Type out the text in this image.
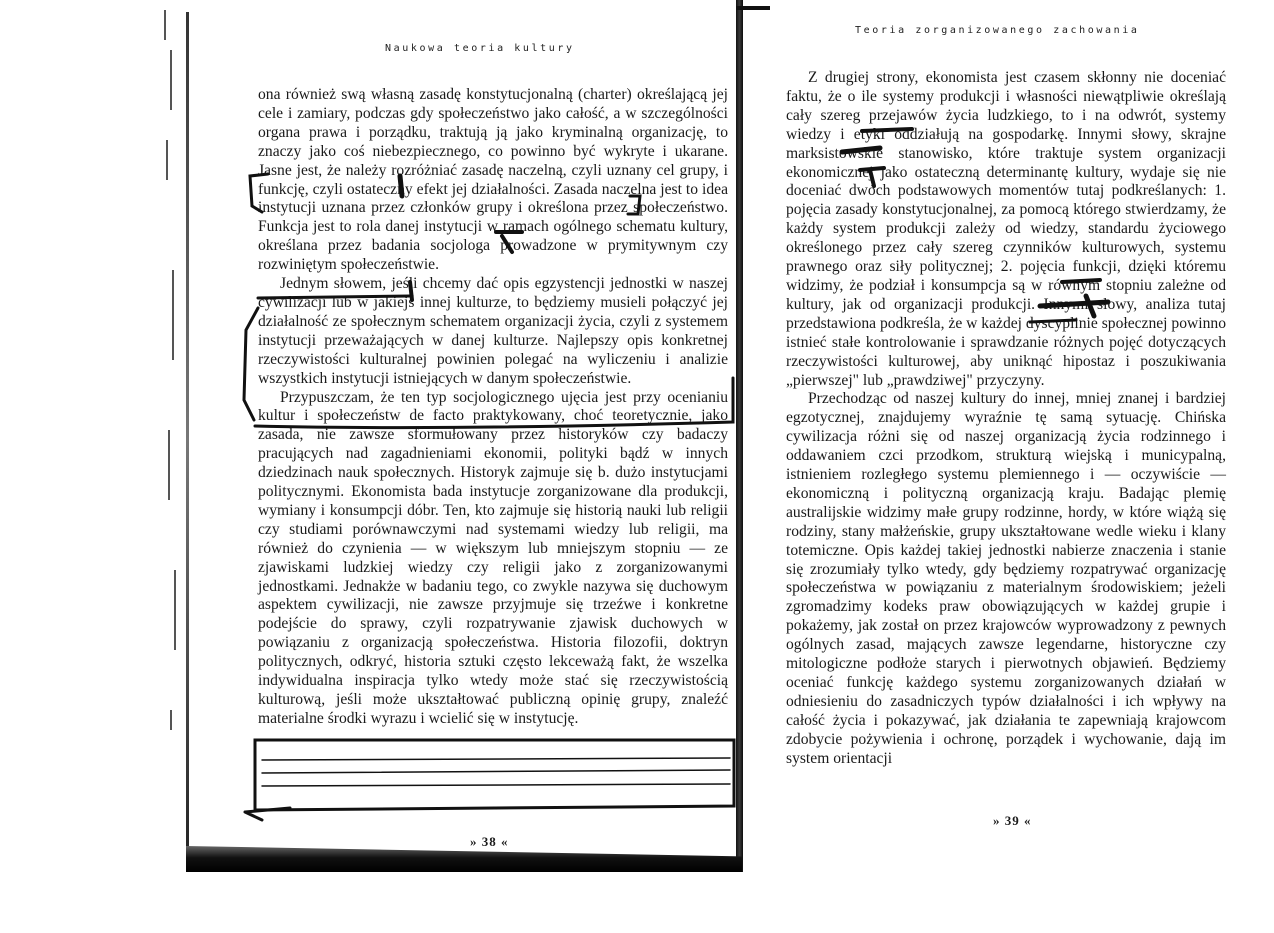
Naukowa teoria kultury
Teoria zorganizowanego zachowania

ona również swą własną zasadę konstytucjonalną (charter) określającą jej cele i zamiary, podczas gdy społeczeństwo jako całość, a w szczególności organa prawa i porządku, traktują ją jako kryminalną organizację, to znaczy jako coś niebezpiecznego, co powinno być wykryte i ukarane. Jasne jest, że należy rozróżniać zasadę naczelną, czyli uznany cel grupy, i funkcję, czyli ostateczny efekt jej działalności. Zasada naczelna jest to idea instytucji uznana przez członków grupy i określona przez społeczeństwo. Funkcja jest to rola danej instytucji w ramach ogólnego schematu kultury, określana przez badania socjologa prowadzone w prymitywnym czy rozwiniętym społeczeństwie.

Jednym słowem, jeśli chcemy dać opis egzystencji jednostki w naszej cywilizacji lub w jakiejś innej kulturze, to będziemy musieli połączyć jej działalność ze społecznym schematem organizacji życia, czyli z systemem instytucji przeważających w danej kulturze. Najlepszy opis konkretnej rzeczywistości kulturalnej powinien polegać na wyliczeniu i analizie wszystkich instytucji istniejących w danym społeczeństwie.

Przypuszczam, że ten typ socjologicznego ujęcia jest przy ocenianiu kultur i społeczeństw de facto praktykowany, choć teoretycznie, jako zasada, nie zawsze sformułowany przez historyków czy badaczy pracujących nad zagadnieniami ekonomii, polityki bądź w innych dziedzinach nauk społecznych. Historyk zajmuje się b. dużo instytucjami politycznymi. Ekonomista bada instytucje zorganizowane dla produkcji, wymiany i konsumpcji dóbr. Ten, kto zajmuje się historią nauki lub religii czy studiami porównawczymi nad systemami wiedzy lub religii, ma również do czynienia — w większym lub mniejszym stopniu — ze zjawiskami ludzkiej wiedzy czy religii jako z zorganizowanymi jednostkami. Jednakże w badaniu tego, co zwykle nazywa się duchowym aspektem cywilizacji, nie zawsze przyjmuje się trzeźwe i konkretne podejście do sprawy, czyli rozpatrywanie zjawisk duchowych w powiązaniu z organizacją społeczeństwa. Historia filozofii, doktryn politycznych, odkryć, historia sztuki często lekceważą fakt, że wszelka indywidualna inspiracja tylko wtedy może stać się rzeczywistością kulturową, jeśli może ukształtować publiczną opinię grupy, znaleźć materialne środki wyrazu i wcielić się w instytucję.

Z drugiej strony, ekonomista jest czasem skłonny nie doceniać faktu, że o ile systemy produkcji i własności niewątpliwie określają cały szereg przejawów życia ludzkiego, to i na odwrót, systemy wiedzy i etyki oddziałują na gospodarkę. Innymi słowy, skrajne marksistowskie stanowisko, które traktuje system organizacji ekonomicznej jako ostateczną determinantę kultury, wydaje się nie doceniać dwóch podstawowych momentów tutaj podkreślanych: 1. pojęcia zasady konstytucjonalnej, za pomocą którego stwierdzamy, że każdy system produkcji zależy od wiedzy, standardu życiowego określonego przez cały szereg czynników kulturowych, systemu prawnego oraz siły politycznej; 2. pojęcia funkcji, dzięki któremu widzimy, że podział i konsumpcja są w równym stopniu zależne od kultury, jak od organizacji produkcji. Innymi słowy, analiza tutaj przedstawiona podkreśla, że w każdej dyscyplinie społecznej powinno istnieć stałe kontrolowanie i sprawdzanie różnych pojęć dotyczących rzeczywistości kulturowej, aby uniknąć hipostaz i poszukiwania „pierwszej" lub „prawdziwej" przyczyny.

Przechodząc od naszej kultury do innej, mniej znanej i bardziej egzotycznej, znajdujemy wyraźnie tę samą sytuację. Chińska cywilizacja różni się od naszej organizacją życia rodzinnego i oddawaniem czci przodkom, strukturą wiejską i municypalną, istnieniem rozległego systemu plemiennego i — oczywiście — ekonomiczną i polityczną organizacją kraju. Badając plemię australijskie widzimy małe grupy rodzinne, hordy, w które wiążą się rodziny, stany małżeńskie, grupy ukształtowane wedle wieku i klany totemiczne. Opis każdej takiej jednostki nabierze znaczenia i stanie się zrozumiały tylko wtedy, gdy będziemy rozpatrywać organizację społeczeństwa w powiązaniu z materialnym środowiskiem; jeżeli zgromadzimy kodeks praw obowiązujących w każdej grupie i pokażemy, jak został on przez krajowców wyprowadzony z pewnych ogólnych zasad, mających zawsze legendarne, historyczne czy mitologiczne podłoże starych i pierwotnych objawień. Będziemy oceniać funkcję każdego systemu zorganizowanych działań w odniesieniu do zasadniczych typów działalności i ich wpływy na całość życia i pokazywać, jak działania te zapewniają krajowcom zdobycie pożywienia i ochronę, porządek i wychowanie, dają im system orientacji

» 38 «
» 39 «
